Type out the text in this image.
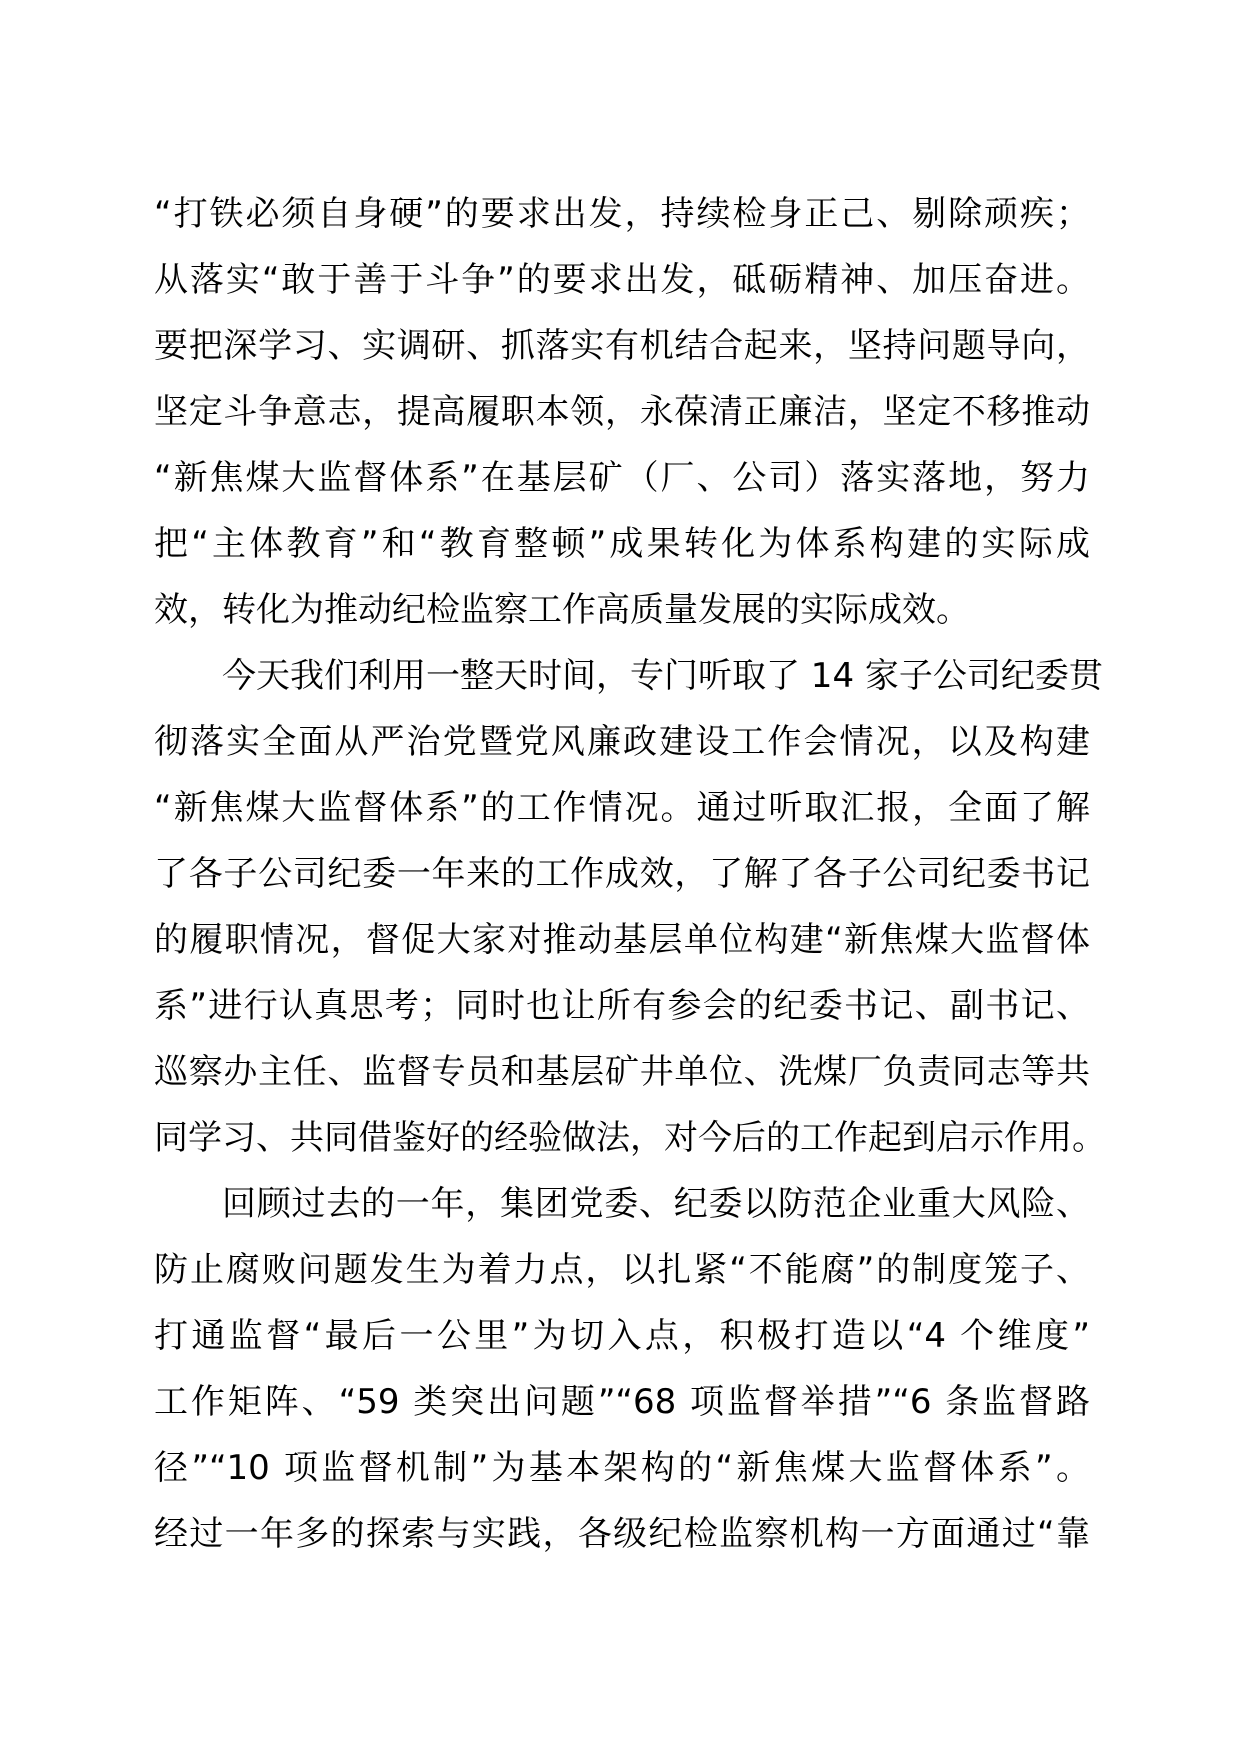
“打铁必须自身硬”的要求出发，持续检身正己、剔除顽疾；
从落实“敢于善于斗争”的要求出发，砥砺精神、加压奋进。
要把深学习、实调研、抓落实有机结合起来，坚持问题导向，
坚定斗争意志，提高履职本领，永葆清正廉洁，坚定不移推动
“新焦煤大监督体系”在基层矿（厂、公司）落实落地，努力
把“主体教育”和“教育整顿”成果转化为体系构建的实际成
效，转化为推动纪检监察工作高质量发展的实际成效。
今天我们利用一整天时间，专门听取了 14 家子公司纪委贯
彻落实全面从严治党暨党风廉政建设工作会情况，以及构建
“新焦煤大监督体系”的工作情况。通过听取汇报，全面了解
了各子公司纪委一年来的工作成效，了解了各子公司纪委书记
的履职情况，督促大家对推动基层单位构建“新焦煤大监督体
系”进行认真思考；同时也让所有参会的纪委书记、副书记、
巡察办主任、监督专员和基层矿井单位、洗煤厂负责同志等共
同学习、共同借鉴好的经验做法，对今后的工作起到启示作用。
回顾过去的一年，集团党委、纪委以防范企业重大风险、
防止腐败问题发生为着力点，以扎紧“不能腐”的制度笼子、
打通监督“最后一公里”为切入点，积极打造以“4 个维度”
工作矩阵、“59 类突出问题”“68 项监督举措”“6 条监督路
径”“10 项监督机制”为基本架构的“新焦煤大监督体系”。
经过一年多的探索与实践，各级纪检监察机构一方面通过“靠
